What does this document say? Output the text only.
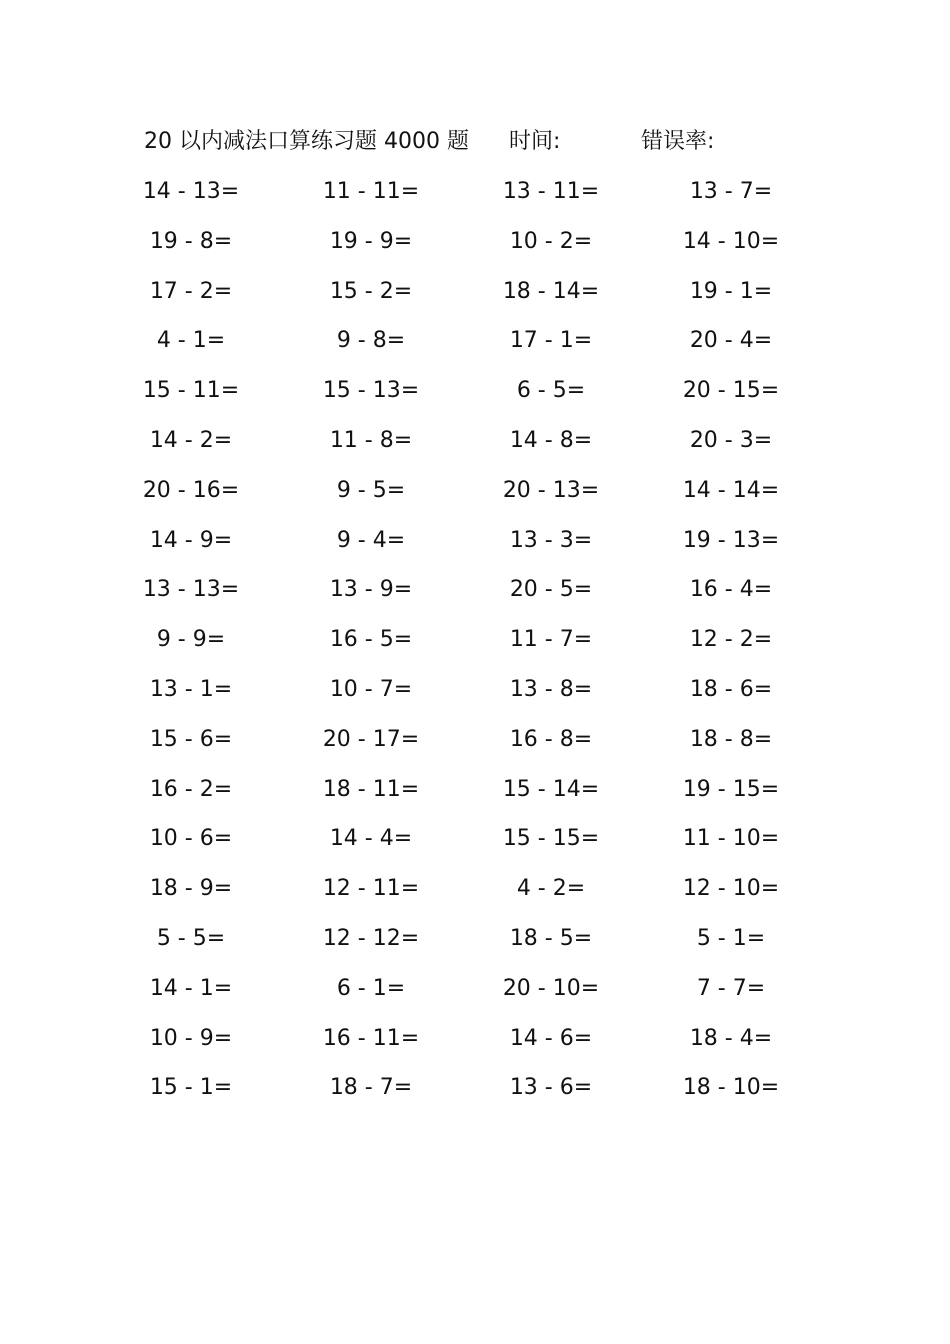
20 以内减法口算练习题 4000 题 时间:	错误率:
14 - 13=	11 - 11=	13 - 11=	13 - 7=
19 - 8=	19 - 9=	10 - 2=	14 - 10=
17 - 2=	15 - 2=	18 - 14=	19 - 1=
4 - 1=	9 - 8=	17 - 1=	20 - 4=
15 - 11=	15 - 13=	6 - 5=	20 - 15=
14 - 2=	11 - 8=	14 - 8=	20 - 3=
20 - 16=	9 - 5=	20 - 13=	14 - 14=
14 - 9=	9 - 4=	13 - 3=	19 - 13=
13 - 13=	13 - 9=	20 - 5=	16 - 4=
9 - 9=	16 - 5=	11 - 7=	12 - 2=
13 - 1=	10 - 7=	13 - 8=	18 - 6=
15 - 6=	20 - 17=	16 - 8=	18 - 8=
16 - 2=	18 - 11=	15 - 14=	19 - 15=
10 - 6=	14 - 4=	15 - 15=	11 - 10=
18 - 9=	12 - 11=	4 - 2=	12 - 10=
5 - 5=	12 - 12=	18 - 5=	5 - 1=
14 - 1=	6 - 1=	20 - 10=	7 - 7=
10 - 9=	16 - 11=	14 - 6=	18 - 4=
15 - 1=	18 - 7=	13 - 6=	18 - 10=
